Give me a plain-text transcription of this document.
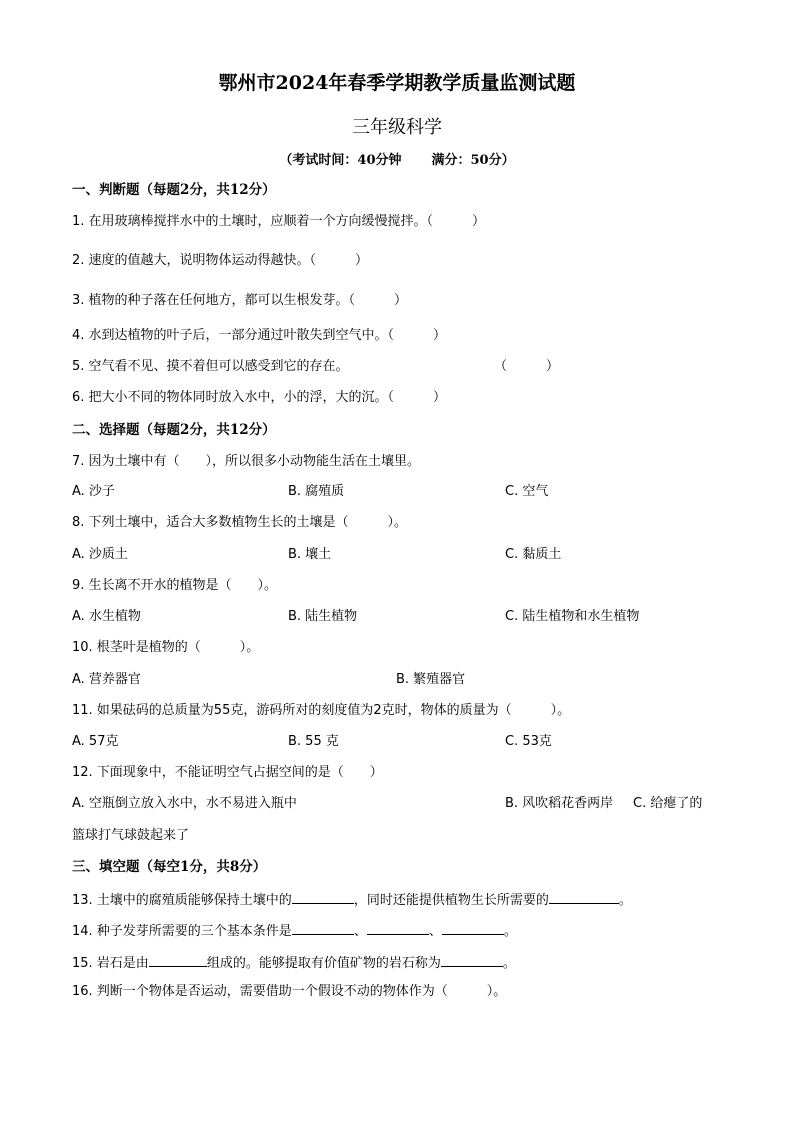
鄂州市2024年春季学期教学质量监测试题
三年级科学
（考试时间：40分钟 满分：50分）
一、判断题（每题2分，共12分）
1. 在用玻璃棒搅拌水中的土壤时，应顺着一个方向缓慢搅拌。（　　　）
2. 速度的值越大，说明物体运动得越快。（　　　）
3. 植物的种子落在任何地方，都可以生根发芽。（　　　）
4. 水到达植物的叶子后，一部分通过叶散失到空气中。（　　　）
5. 空气看不见、摸不着但可以感受到它的存在。	（　　　）
6. 把大小不同的物体同时放入水中，小的浮，大的沉。（　　　）
二、选择题（每题2分，共12分）
7. 因为土壤中有（　　），所以很多小动物能生活在土壤里。
A. 沙子	B. 腐殖质	C. 空气
8. 下列土壤中，适合大多数植物生长的土壤是（　　　）。
A. 沙质土	B. 壤土	C. 黏质土
9. 生长离不开水的植物是（　　）。
A. 水生植物	B. 陆生植物	C. 陆生植物和水生植物
10. 根茎叶是植物的（　　　）。
A. 营养器官	B. 繁殖器官
11. 如果砝码的总质量为55克，游码所对的刻度值为2克时，物体的质量为（　　　）。
A. 57克	B. 55 克	C. 53克
12. 下面现象中，不能证明空气占据空间的是（　　）
A. 空瓶倒立放入水中，水不易进入瓶中	B. 风吹稻花香两岸 C. 给瘪了的
篮球打气球鼓起来了
三、填空题（每空1分，共8分）
13. 土壤中的腐殖质能够保持土壤中的	，同时还能提供植物生长所需要的	。
14. 种子发芽所需要的三个基本条件是	、	、	。
15. 岩石是由	组成的。能够提取有价值矿物的岩石称为	。
16. 判断一个物体是否运动，需要借助一个假设不动的物体作为（　　　）。
